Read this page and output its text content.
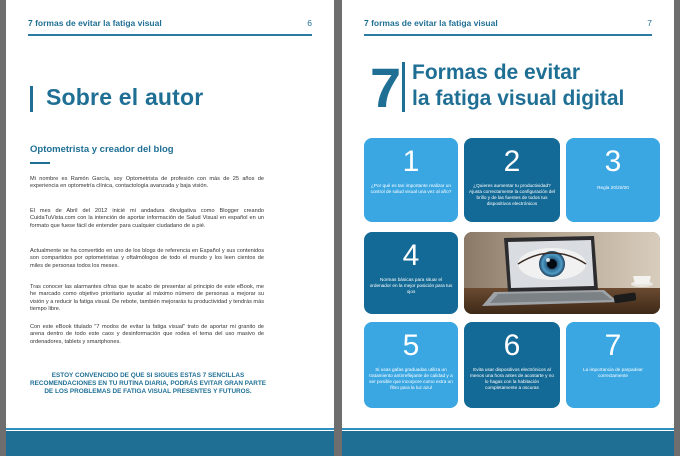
7 formas de evitar la fatiga visual	6
Sobre el autor
Optometrista y creador del blog

Mi nombre es Ramón García, soy Optometrista de profesión con más de 25 años de experiencia en optometría clínica, contactología avanzada y baja visión.

El mes de Abril del 2012 inicié mi andadura divulgativa como Blogger creando CuidaTuVista.com con la intención de aportar información de Salud Visual en español en un formato que fuese fácil de entender para cualquier ciudadano de a pié.

Actualmente se ha convertido en uno de los blogs de referencia en Español y sus contenidos son compartidos por optometristas y oftalmólogos de todo el mundo y los leen cientos de miles de personas todos los meses.

Tras conocer las alarmantes cifras que te acabo de presentar al principio de este eBook, me he marcado como objetivo prioritario ayudar al máximo número de personas a mejorar su visión y a reducir la fatiga visual. De rebote, también mejorarás tu productividad y tendrás más tiempo libre.

Con este eBook titulado "7 modos de evitar la fatiga visual" trato de aportar mi granito de arena dentro de todo este caos y desinformación que rodea el tema del uso masivo de ordenadores, tablets y smartphones.

ESTOY CONVENCIDO DE QUE SI SIGUES ESTAS 7 SENCILLAS RECOMENDACIONES EN TU RUTINA DIARIA, PODRÁS EVITAR GRAN PARTE DE LOS PROBLEMAS DE FATIGA VISUAL PRESENTES Y FUTUROS.

7 formas de evitar la fatiga visual	7
7 Formas de evitar
la fatiga visual digital
1
¿Por qué es tan importante realizar un control de salud visual una vez al año?
2
¿Quieres aumentar tu productividad? Ajusta correctamente la configuración del brillo y de las fuentes de todos tus dispositivos electrónicos
3
Regla 20/20/20
4
Normas básicas para situar el ordenador en la mejor posición para tus ojos
5
Si usas gafas graduadas utiliza un tratamiento antirreflejante de calidad y a ser posible que incorpore como extra un filtro para la luz azul
6
Evita usar dispositivos electrónicos al menos una hora antes de acostarte y no lo hagas con la habitación completamente a oscuras
7
La importancia de parpadear correctamente
